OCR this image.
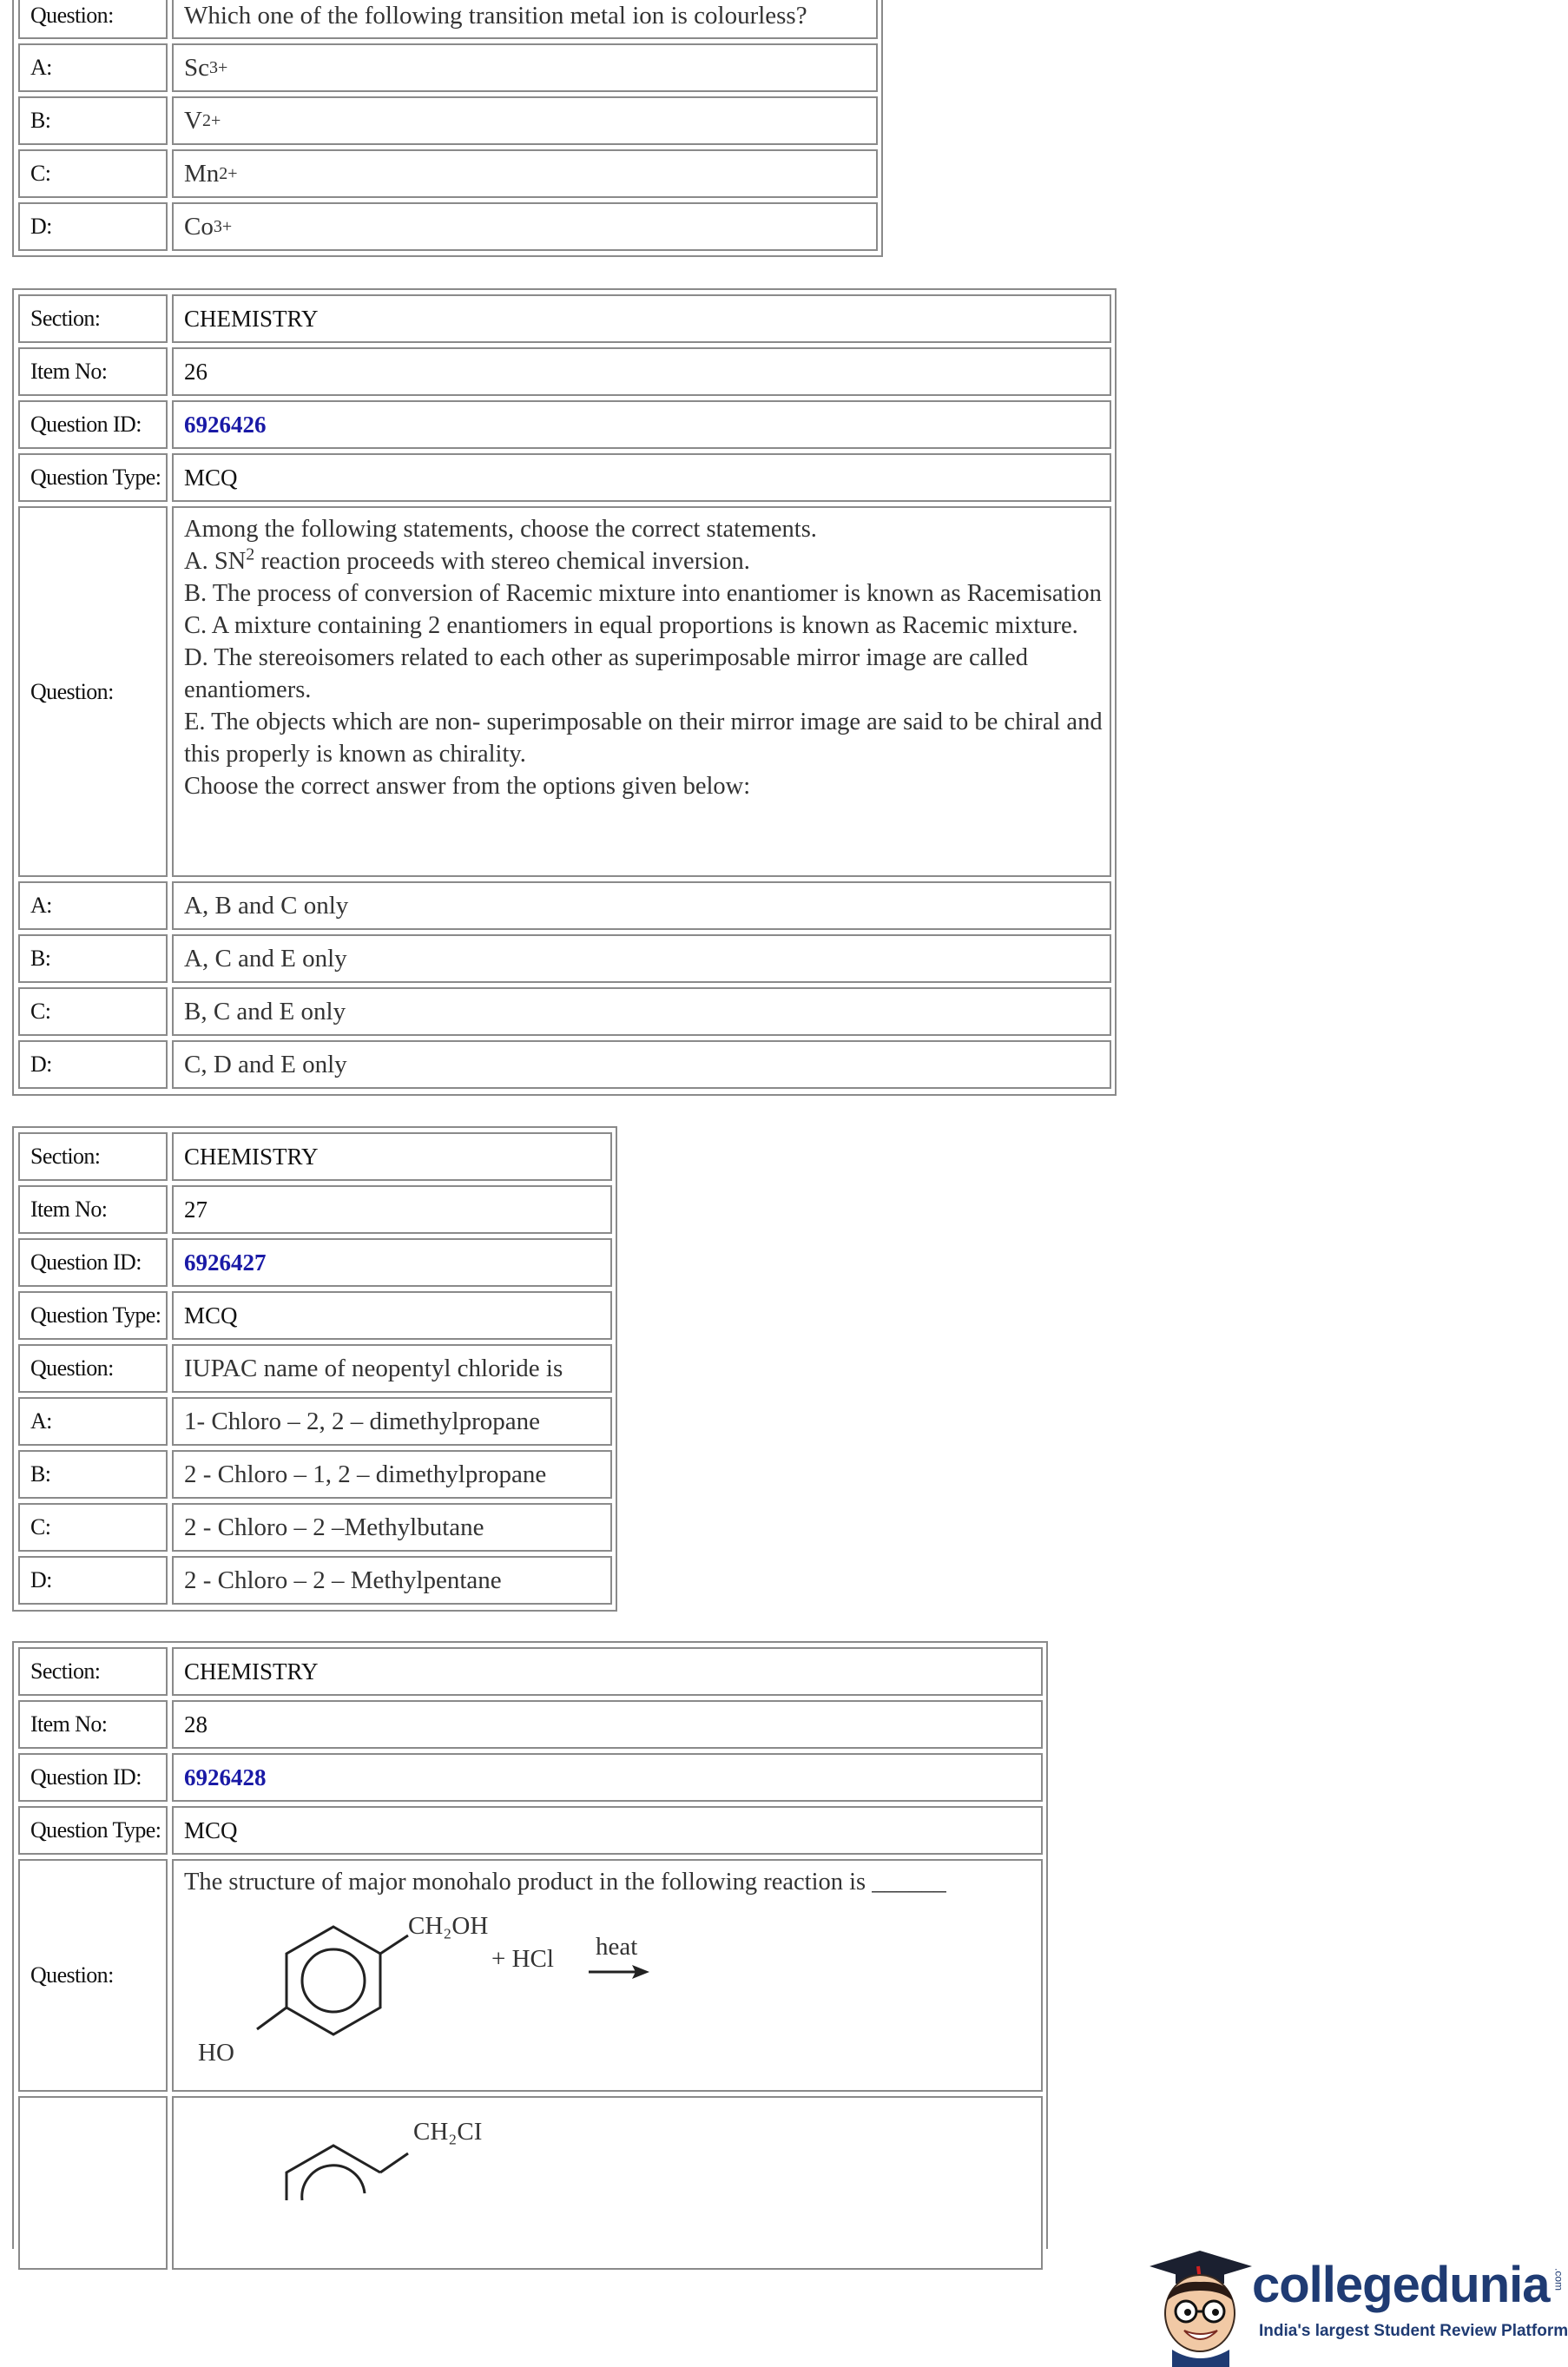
Question:	Which one of the following transition metal ion is colourless?
A:	Sc 3+
B:	V 2+
C:	Mn 2+
D:	Co 3+
Section:	CHEMISTRY
Item No:	26
Question ID:	6926426
Question Type: MCQ
Question:
Among the following statements, choose the correct statements.
A. $SN^2$ reaction proceeds with stereo chemical inversion.
B. The process of conversion of Racemic mixture into enantiomer is known as Racemisation
C. A mixture containing 2 enantiomers in equal proportions is known as Racemic mixture.
D. The stereoisomers related to each other as superimposable mirror image are called enantiomers.
E. The objects which are non- superimposable on their mirror image are said to be chiral and this properly is known as chirality.
Choose the correct answer from the options given below:
A:	A, B and C only
B:	A, C and E only
C:	B, C and E only
D:	C, D and E only
Section:	CHEMISTRY
Item No:	27
Question ID:	6926427
Question Type: MCQ
Question:	IUPAC name of neopentyl chloride is
A:	1- Chloro – 2, 2 – dimethylpropane
B:	2 - Chloro – 1, 2 – dimethylpropane
C:	2 - Chloro – 2 –Methylbutane
D:	2 - Chloro – 2 – Methylpentane
Section:	CHEMISTRY
Item No:	28
Question ID:	6926428
Question Type: MCQ
Question:
The structure of major monohalo product in the following reaction is ______
CH₂OH
+ HCl heat
HO
CH₂CI
collegedunia .com
India's largest Student Review Platform
